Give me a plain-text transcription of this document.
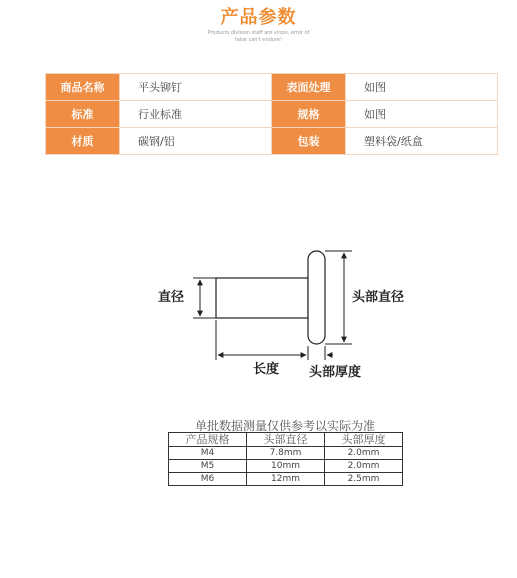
产品参数
Products division staff are vinpo, error of
false can't endure!
商品名称	平头铆钉	表面处理	如图
标准	行业标准	规格	如图
材质	碳钢/铝	包装	塑料袋/纸盒
直径	头部直径
长度 头部厚度
单批数据测量仅供参考以实际为准
产品规格	头部直径	头部厚度
M4	7.8mm	2.0mm
M5	10mm	2.0mm
M6	12mm	2.5mm
